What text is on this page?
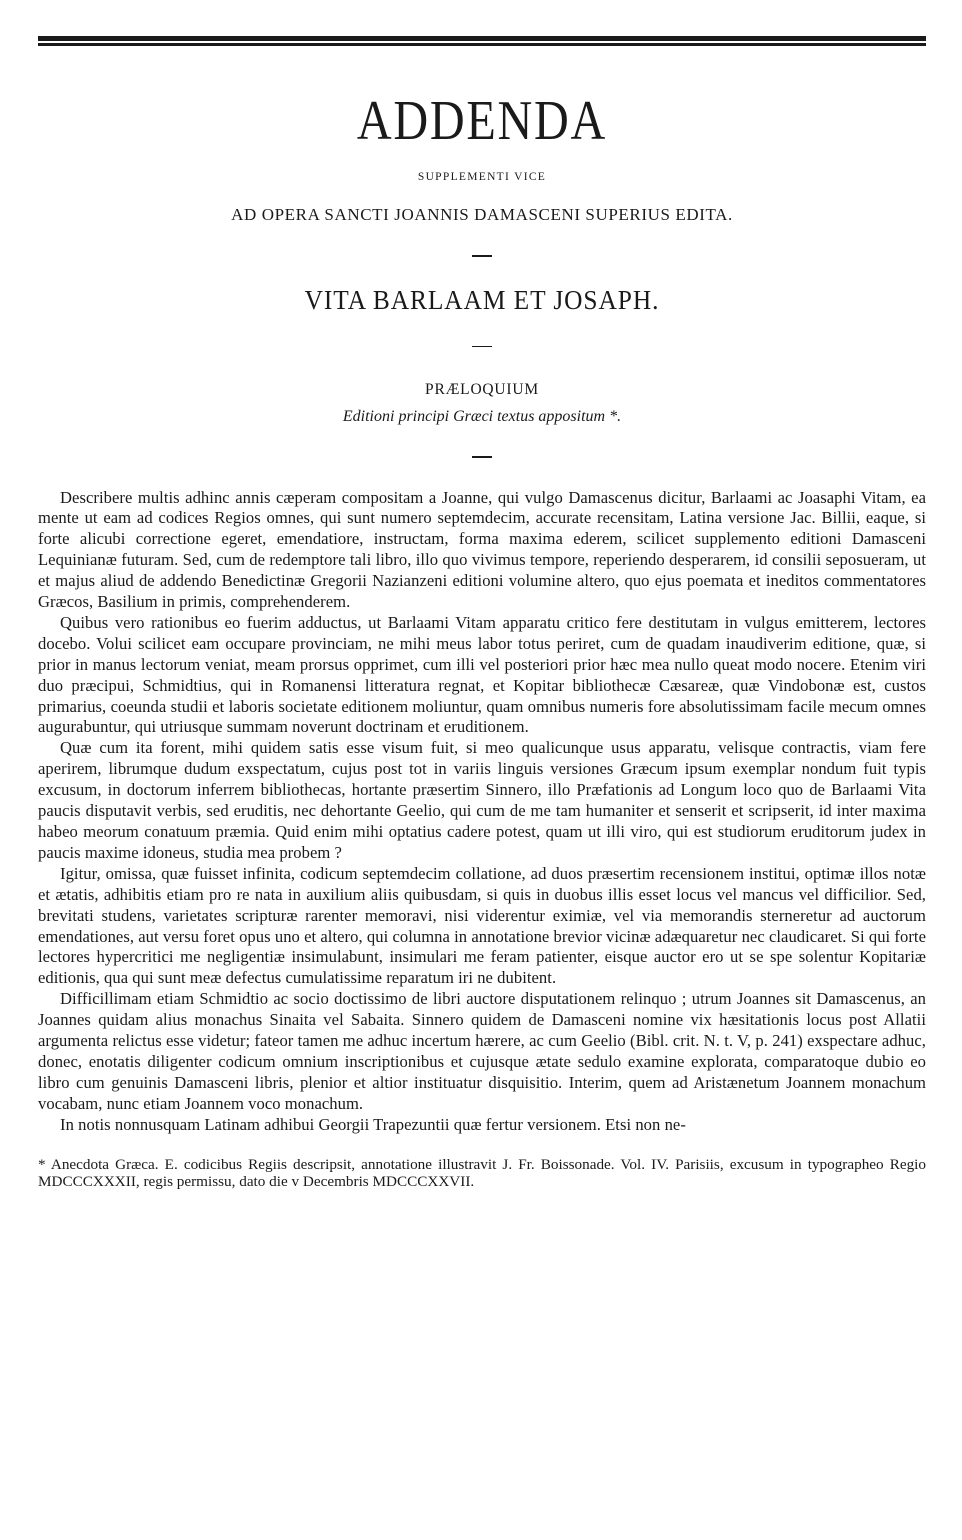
ADDENDA
SUPPLEMENTI VICE
AD OPERA SANCTI JOANNIS DAMASCENI SUPERIUS EDITA.
VITA BARLAAM ET JOSAPH.
PRÆLOQUIUM
Editioni principi Græci textus appositum *.

Describere multis adhinc annis cæperam compositam a Joanne, qui vulgo Damascenus dicitur, Barlaami ac Joasaphi Vitam, ea mente ut eam ad codices Regios omnes, qui sunt numero septemdecim, accurate recensitam, Latina versione Jac. Billii, eaque, si forte alicubi correctione egeret, emendatiore, instructam, forma maxima ederem, scilicet supplemento editioni Damasceni Lequinianæ futuram. Sed, cum de redemptore tali libro, illo quo vivimus tempore, reperiendo desperarem, id consilii seposueram, ut et majus aliud de addendo Benedictinæ Gregorii Nazianzeni editioni volumine altero, quo ejus poemata et ineditos commentatores Græcos, Basilium in primis, comprehenderem.

Quibus vero rationibus eo fuerim adductus, ut Barlaami Vitam apparatu critico fere destitutam in vulgus emitterem, lectores docebo. Volui scilicet eam occupare provinciam, ne mihi meus labor totus periret, cum de quadam inaudiverim editione, quæ, si prior in manus lectorum veniat, meam prorsus opprimet, cum illi vel posteriori prior hæc mea nullo queat modo nocere. Etenim viri duo præcipui, Schmidtius, qui in Romanensi litteratura regnat, et Kopitar bibliothecæ Cæsareæ, quæ Vindobonæ est, custos primarius, coeunda studii et laboris societate editionem moliuntur, quam omnibus numeris fore absolutissimam facile mecum omnes augurabuntur, qui utriusque summam noverunt doctrinam et eruditionem.

Quæ cum ita forent, mihi quidem satis esse visum fuit, si meo qualicunque usus apparatu, velisque contractis, viam fere aperirem, librumque dudum exspectatum, cujus post tot in variis linguis versiones Græcum ipsum exemplar nondum fuit typis excusum, in doctorum inferrem bibliothecas, hortante præsertim Sinnero, illo Præfationis ad Longum loco quo de Barlaami Vita paucis disputavit verbis, sed eruditis, nec dehortante Geelio, qui cum de me tam humaniter et senserit et scripserit, id inter maxima habeo meorum conatuum præmia. Quid enim mihi optatius cadere potest, quam ut illi viro, qui est studiorum eruditorum judex in paucis maxime idoneus, studia mea probem ?

Igitur, omissa, quæ fuisset infinita, codicum septemdecim collatione, ad duos præsertim recensionem institui, optimæ illos notæ et ætatis, adhibitis etiam pro re nata in auxilium aliis quibusdam, si quis in duobus illis esset locus vel mancus vel difficilior. Sed, brevitati studens, varietates scripturæ rarenter memoravi, nisi viderentur eximiæ, vel via memorandis sterneretur ad auctorum emendationes, aut versu foret opus uno et altero, qui columna in annotatione brevior vicinæ adæquaretur nec claudicaret. Si qui forte lectores hypercritici me negligentiæ insimulabunt, insimulari me feram patienter, eisque auctor ero ut se spe solentur Kopitariæ editionis, qua qui sunt meæ defectus cumulatissime reparatum iri ne dubitent.

Difficillimam etiam Schmidtio ac socio doctissimo de libri auctore disputationem relinquo ; utrum Joannes sit Damascenus, an Joannes quidam alius monachus Sinaita vel Sabaita. Sinnero quidem de Damasceni nomine vix hæsitationis locus post Allatii argumenta relictus esse videtur; fateor tamen me adhuc incertum hærere, ac cum Geelio (Bibl. crit. N. t. V, p. 241) exspectare adhuc, donec, enotatis diligenter codicum omnium inscriptionibus et cujusque ætate sedulo examine explorata, comparatoque dubio eo libro cum genuinis Damasceni libris, plenior et altior instituatur disquisitio. Interim, quem ad Aristænetum Joannem monachum vocabam, nunc etiam Joannem voco monachum.

In notis nonnusquam Latinam adhibui Georgii Trapezuntii quæ fertur versionem. Etsi non ne-

* Anecdota Græca. E. codicibus Regiis descripsit, annotatione illustravit J. Fr. Boissonade. Vol. IV. Parisiis, excusum in typographeo Regio MDCCCXXXII, regis permissu, dato die v Decembris MDCCCXXVII.
